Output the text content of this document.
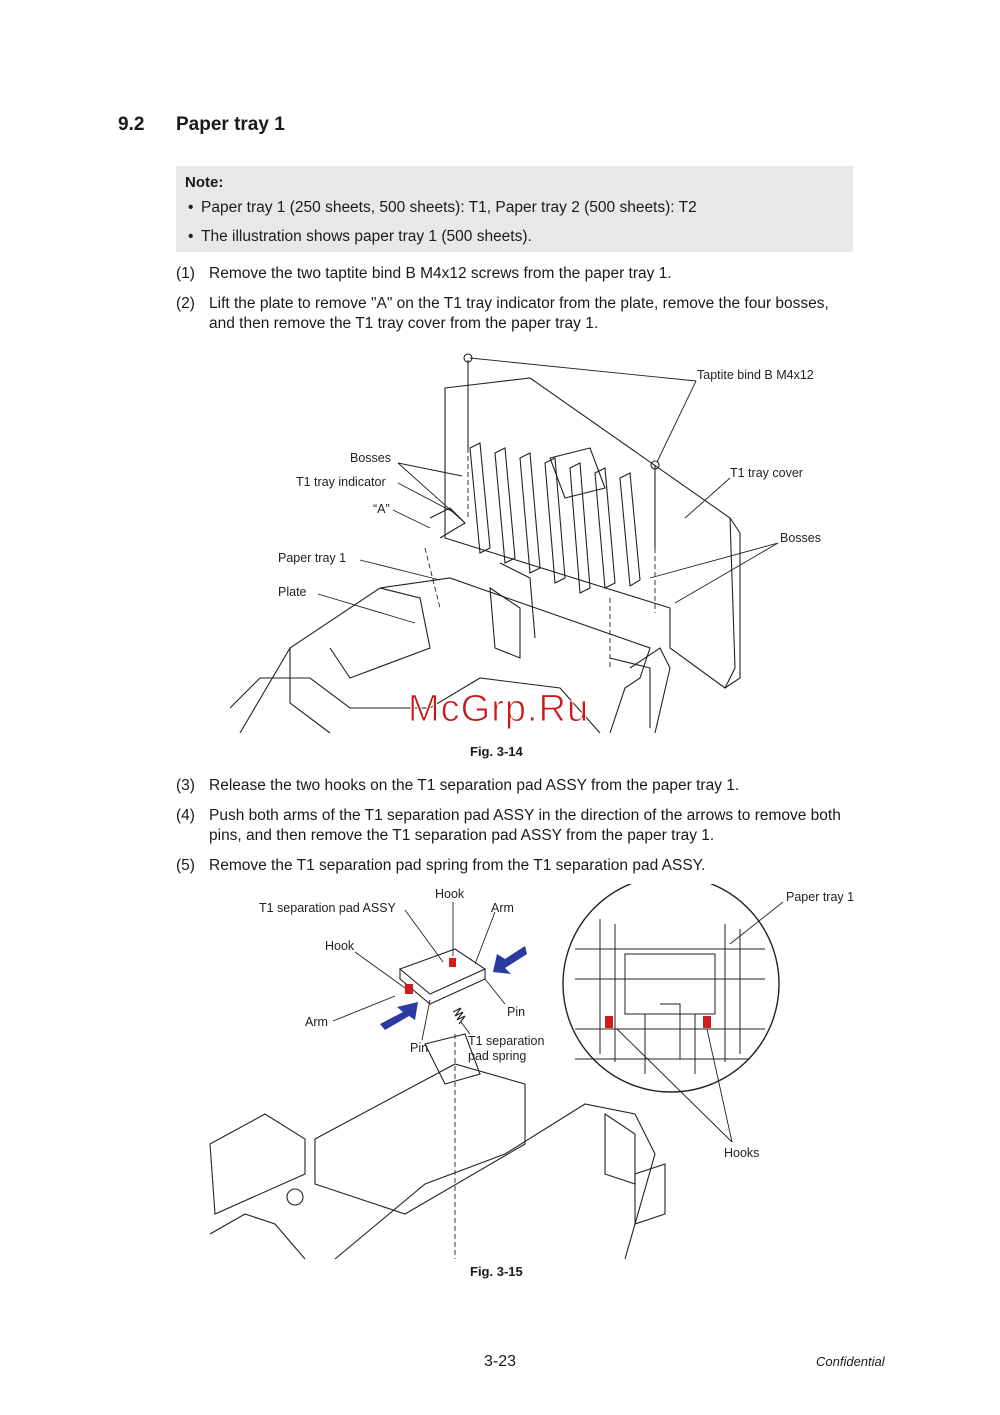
9.2 Paper tray 1
Note:
• Paper tray 1 (250 sheets, 500 sheets): T1, Paper tray 2 (500 sheets): T2
• The illustration shows paper tray 1 (500 sheets).
(1) Remove the two taptite bind B M4x12 screws from the paper tray 1.
(2) Lift the plate to remove "A" on the T1 tray indicator from the plate, remove the four bosses, and then remove the T1 tray cover from the paper tray 1.
Taptite bind B M4x12
Bosses
T1 tray indicator
“A”
Paper tray 1
Plate
T1 tray cover
Bosses
McGrp.Ru
Fig. 3-14
(3) Release the two hooks on the T1 separation pad ASSY from the paper tray 1.
(4) Push both arms of the T1 separation pad ASSY in the direction of the arrows to remove both pins, and then remove the T1 separation pad ASSY from the paper tray 1.
(5) Remove the T1 separation pad spring from the T1 separation pad ASSY.
T1 separation pad ASSY
Hook
Arm
Hook
Pin
Arm
Pin	T1 separation
pad spring
Paper tray 1
Hooks
Fig. 3-15
3-23	Confidential
